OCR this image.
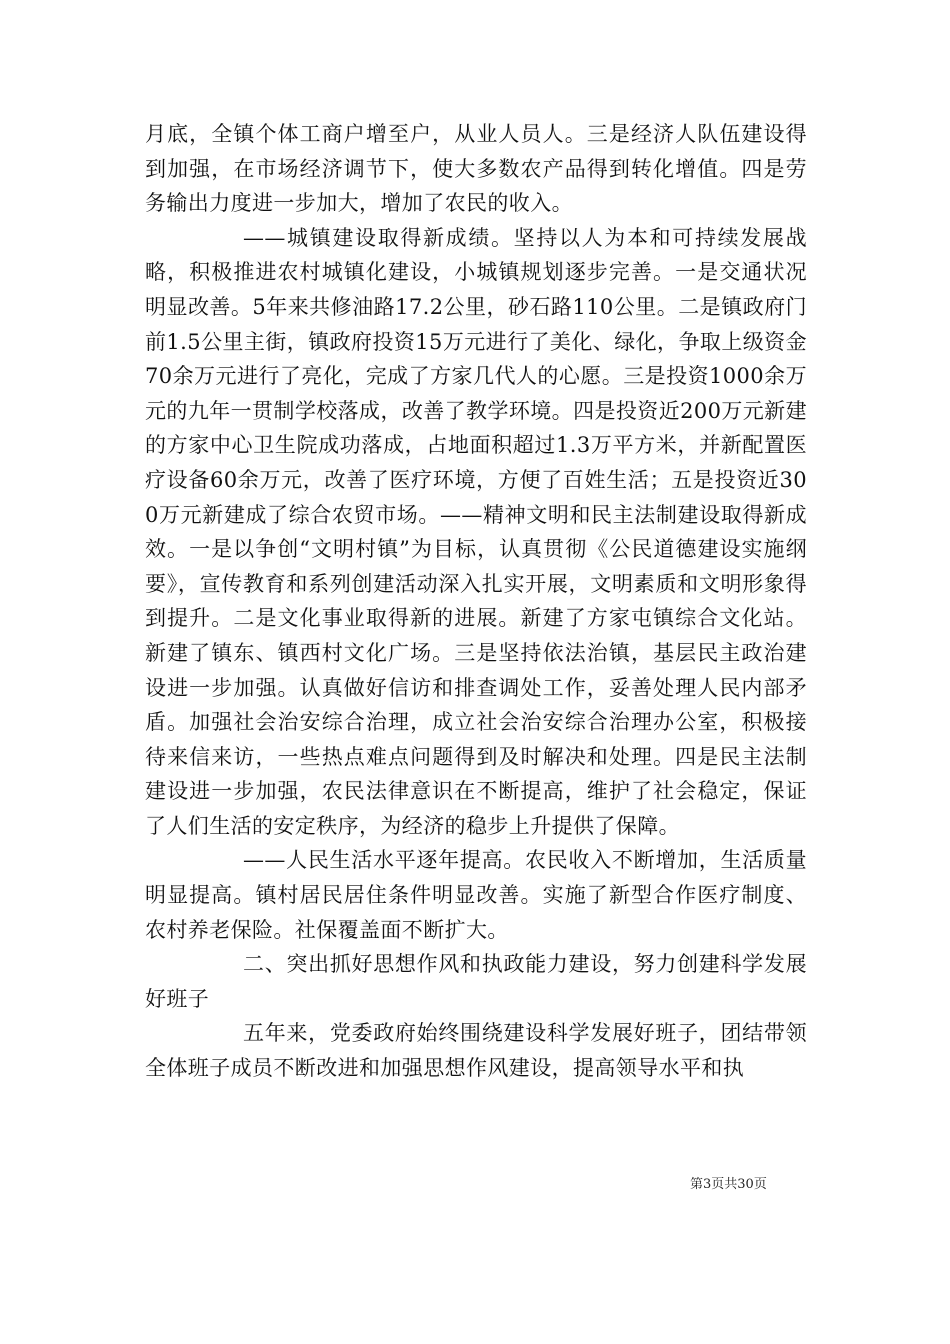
月底，全镇个体工商户增至户，从业人员人。三是经济人队伍建设得到加强，在市场经济调节下，使大多数农产品得到转化增值。四是劳务输出力度进一步加大，增加了农民的收入。

——城镇建设取得新成绩。坚持以人为本和可持续发展战略，积极推进农村城镇化建设，小城镇规划逐步完善。一是交通状况明显改善。5年来共修油路17.2公里，砂石路110公里。二是镇政府门前1.5公里主街，镇政府投资15万元进行了美化、绿化，争取上级资金70余万元进行了亮化，完成了方家几代人的心愿。三是投资1000余万元的九年一贯制学校落成，改善了教学环境。四是投资近200万元新建的方家中心卫生院成功落成，占地面积超过1.3万平方米，并新配置医疗设备60余万元，改善了医疗环境，方便了百姓生活；五是投资近300万元新建成了综合农贸市场。——精神文明和民主法制建设取得新成效。一是以争创“文明村镇”为目标，认真贯彻《公民道德建设实施纲要》，宣传教育和系列创建活动深入扎实开展，文明素质和文明形象得到提升。二是文化事业取得新的进展。新建了方家屯镇综合文化站。新建了镇东、镇西村文化广场。三是坚持依法治镇，基层民主政治建设进一步加强。认真做好信访和排查调处工作，妥善处理人民内部矛盾。加强社会治安综合治理，成立社会治安综合治理办公室，积极接待来信来访，一些热点难点问题得到及时解决和处理。四是民主法制建设进一步加强，农民法律意识在不断提高，维护了社会稳定，保证了人们生活的安定秩序，为经济的稳步上升提供了保障。

——人民生活水平逐年提高。农民收入不断增加，生活质量明显提高。镇村居民居住条件明显改善。实施了新型合作医疗制度、农村养老保险。社保覆盖面不断扩大。

二、突出抓好思想作风和执政能力建设，努力创建科学发展好班子

五年来，党委政府始终围绕建设科学发展好班子，团结带领全体班子成员不断改进和加强思想作风建设，提高领导水平和执

第3页共30页
